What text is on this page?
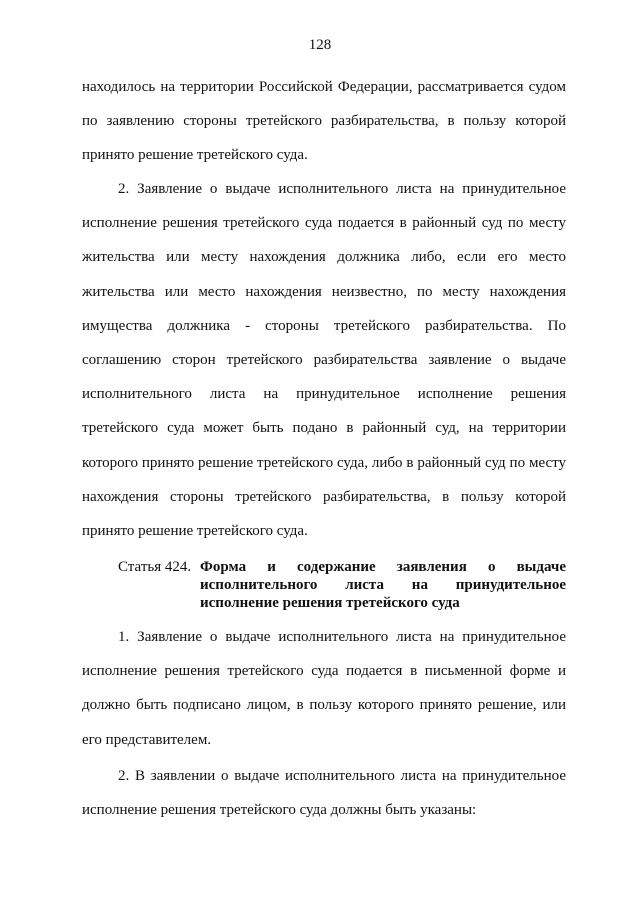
128

находилось на территории Российской Федерации, рассматривается судом по заявлению стороны третейского разбирательства, в пользу которой принято решение третейского суда.

2. Заявление о выдаче исполнительного листа на принудительное исполнение решения третейского суда подается в районный суд по месту жительства или месту нахождения должника либо, если его место жительства или место нахождения неизвестно, по месту нахождения имущества должника - стороны третейского разбирательства. По соглашению сторон третейского разбирательства заявление о выдаче исполнительного листа на принудительное исполнение решения третейского суда может быть подано в районный суд, на территории которого принято решение третейского суда, либо в районный суд по месту нахождения стороны третейского разбирательства, в пользу которой принято решение третейского суда.

Статья 424. Форма и содержание заявления о выдаче исполнительного листа на принудительное исполнение решения третейского суда

1. Заявление о выдаче исполнительного листа на принудительное исполнение решения третейского суда подается в письменной форме и должно быть подписано лицом, в пользу которого принято решение, или его представителем.

2. В заявлении о выдаче исполнительного листа на принудительное исполнение решения третейского суда должны быть указаны:
